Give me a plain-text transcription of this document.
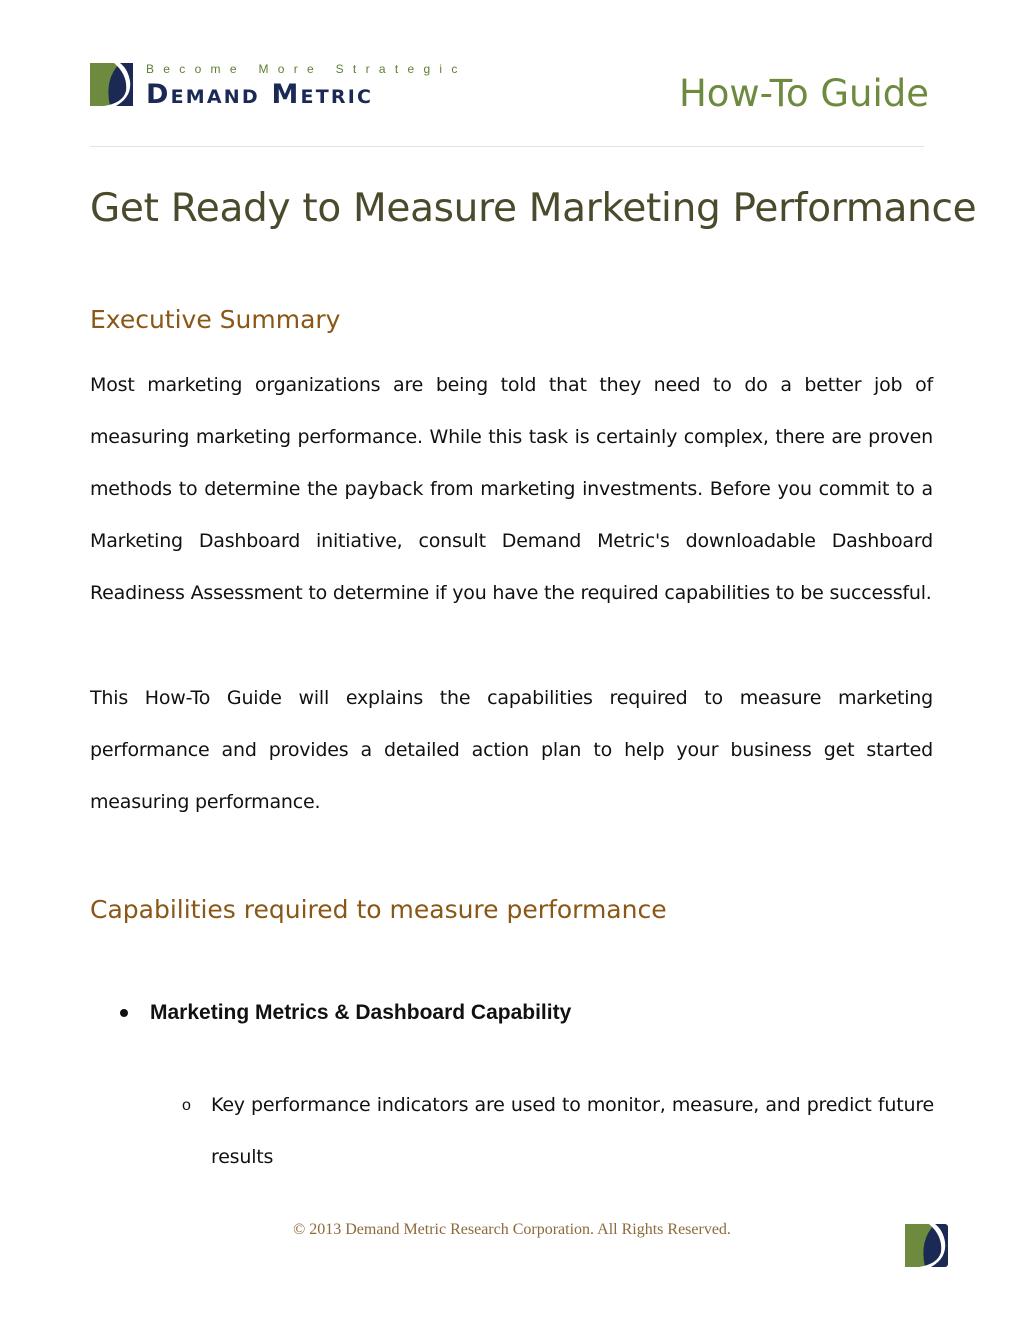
Become More Strategic
Demand Metric	How-To Guide
Get Ready to Measure Marketing Performance
Executive Summary

Most marketing organizations are being told that they need to do a better job of measuring marketing performance. While this task is certainly complex, there are proven methods to determine the payback from marketing investments. Before you commit to a Marketing Dashboard initiative, consult Demand Metric's downloadable Dashboard Readiness Assessment to determine if you have the required capabilities to be successful.

This How-To Guide will explains the capabilities required to measure marketing performance and provides a detailed action plan to help your business get started measuring performance.

Capabilities required to measure performance
Marketing Metrics & Dashboard Capability
o Key performance indicators are used to monitor, measure, and predict future results

© 2013 Demand Metric Research Corporation. All Rights Reserved.
